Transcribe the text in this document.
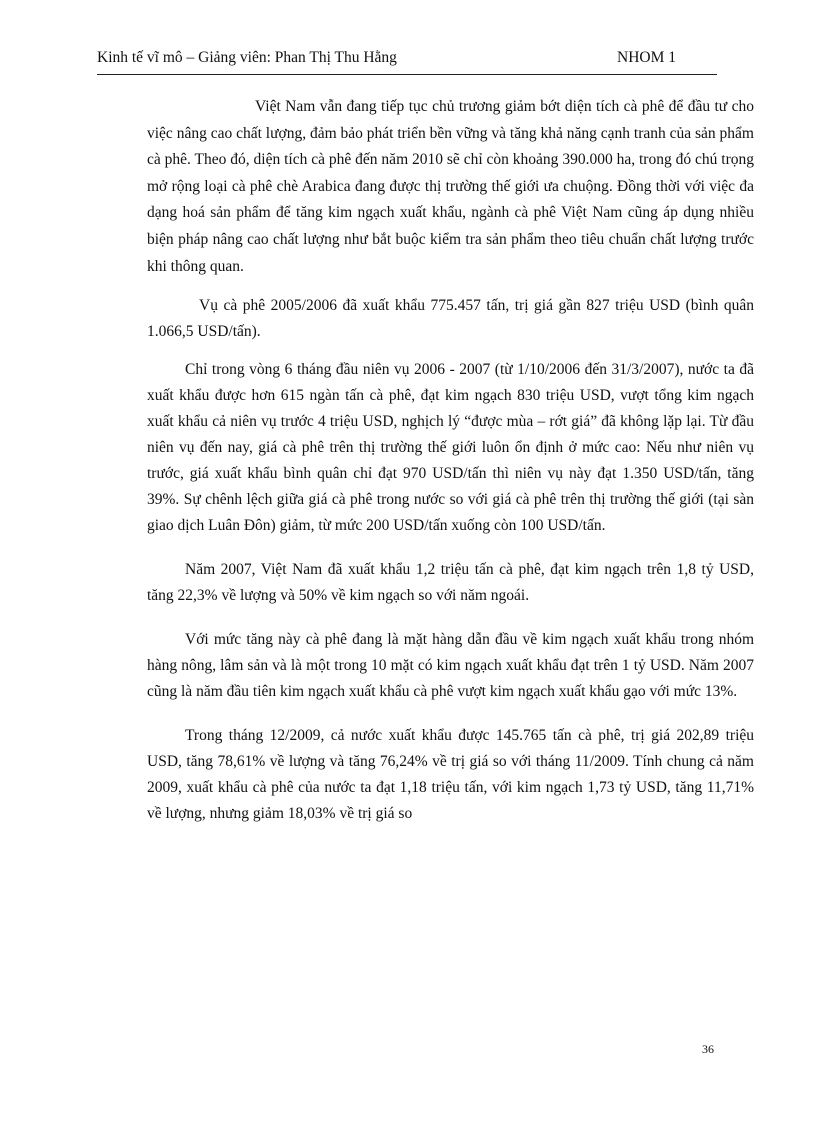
Kinh tế vĩ mô – Giảng viên: Phan Thị Thu Hằng	NHOM 1

Việt Nam vẫn đang tiếp tục chủ trương giảm bớt diện tích cà phê để đầu tư cho việc nâng cao chất lượng, đảm bảo phát triển bền vững và tăng khả năng cạnh tranh của sản phẩm cà phê. Theo đó, diện tích cà phê đến năm 2010 sẽ chỉ còn khoảng 390.000 ha, trong đó chú trọng mở rộng loại cà phê chè Arabica đang được thị trường thế giới ưa chuộng. Đồng thời với việc đa dạng hoá sản phẩm để tăng kim ngạch xuất khẩu, ngành cà phê Việt Nam cũng áp dụng nhiều biện pháp nâng cao chất lượng như bắt buộc kiểm tra sản phẩm theo tiêu chuẩn chất lượng trước khi thông quan.

Vụ cà phê 2005/2006 đã xuất khẩu 775.457 tấn, trị giá gần 827 triệu USD (bình quân 1.066,5 USD/tấn).

Chỉ trong vòng 6 tháng đầu niên vụ 2006 - 2007 (từ 1/10/2006 đến 31/3/2007), nước ta đã xuất khẩu được hơn 615 ngàn tấn cà phê, đạt kim ngạch 830 triệu USD, vượt tổng kim ngạch xuất khẩu cả niên vụ trước 4 triệu USD, nghịch lý “được mùa – rớt giá” đã không lặp lại. Từ đầu niên vụ đến nay, giá cà phê trên thị trường thế giới luôn ổn định ở mức cao: Nếu như niên vụ trước, giá xuất khẩu bình quân chỉ đạt 970 USD/tấn thì niên vụ này đạt 1.350 USD/tấn, tăng 39%. Sự chênh lệch giữa giá cà phê trong nước so với giá cà phê trên thị trường thế giới (tại sàn giao dịch Luân Đôn) giảm, từ mức 200 USD/tấn xuống còn 100 USD/tấn.

Năm 2007, Việt Nam đã xuất khẩu 1,2 triệu tấn cà phê, đạt kim ngạch trên 1,8 tỷ USD, tăng 22,3% về lượng và 50% về kim ngạch so với năm ngoái.

Với mức tăng này cà phê đang là mặt hàng dẫn đầu về kim ngạch xuất khẩu trong nhóm hàng nông, lâm sản và là một trong 10 mặt có kim ngạch xuất khẩu đạt trên 1 tỷ USD. Năm 2007 cũng là năm đầu tiên kim ngạch xuất khẩu cà phê vượt kim ngạch xuất khẩu gạo với mức 13%.

Trong tháng 12/2009, cả nước xuất khẩu được 145.765 tấn cà phê, trị giá 202,89 triệu USD, tăng 78,61% về lượng và tăng 76,24% về trị giá so với tháng 11/2009. Tính chung cả năm 2009, xuất khẩu cà phê của nước ta đạt 1,18 triệu tấn, với kim ngạch 1,73 tỷ USD, tăng 11,71% về lượng, nhưng giảm 18,03% về trị giá so

36
